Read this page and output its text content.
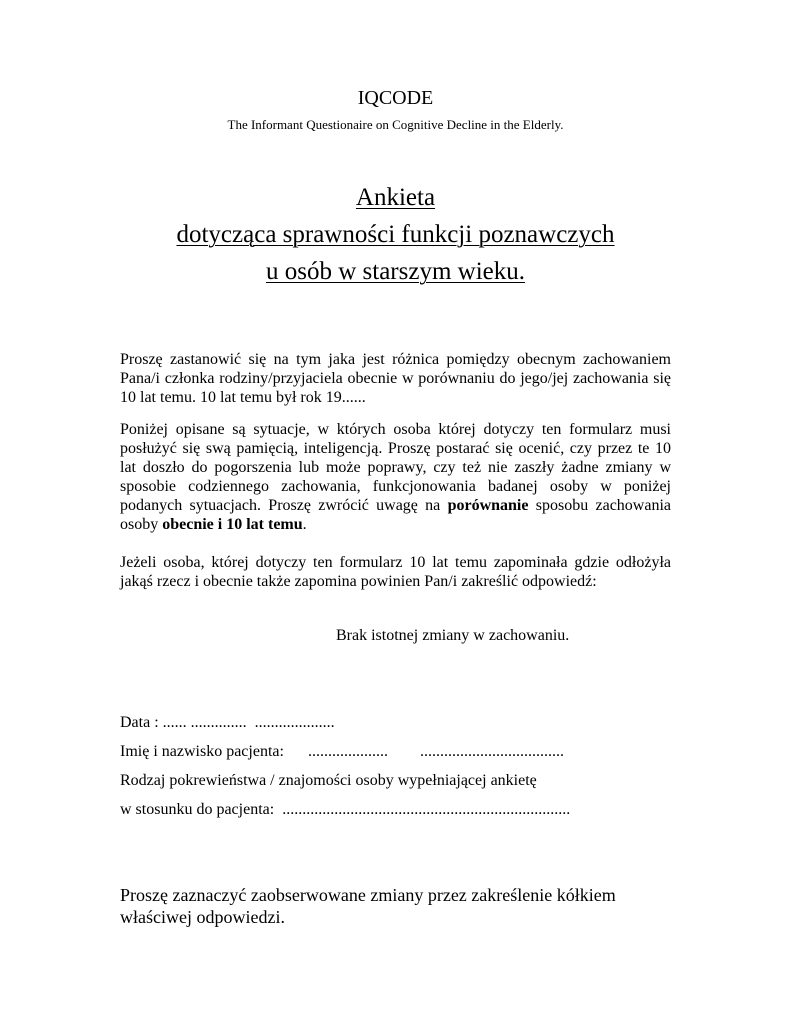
IQCODE
The Informant Questionaire on Cognitive Decline in the Elderly.
Ankieta
dotycząca sprawności funkcji poznawczych
u osób w starszym wieku.

Proszę zastanowić się na tym jaka jest różnica pomiędzy obecnym zachowaniem Pana/i członka rodziny/przyjaciela obecnie w porównaniu do jego/jej zachowania się 10 lat temu. 10 lat temu był rok 19......

Poniżej opisane są sytuacje, w których osoba której dotyczy ten formularz musi posłużyć się swą pamięcią, inteligencją. Proszę postarać się ocenić, czy przez te 10 lat doszło do pogorszenia lub może poprawy, czy też nie zaszły żadne zmiany w sposobie codziennego zachowania, funkcjonowania badanej osoby w poniżej podanych sytuacjach. Proszę zwrócić uwagę na porównanie sposobu zachowania osoby obecnie i 10 lat temu.

Jeżeli osoba, której dotyczy ten formularz 10 lat temu zapominała gdzie odłożyła jakąś rzecz i obecnie także zapomina powinien Pan/i zakreślić odpowiedź:

Brak istotnej zmiany w zachowaniu.
Data : ...... ..............  ....................
Imię i nazwisko pacjenta:      ....................        ....................................
Rodzaj pokrewieństwa / znajomości osoby wypełniającej ankietę
w stosunku do pacjenta:  ........................................................................

Proszę zaznaczyć zaobserwowane zmiany przez zakreślenie kółkiem właściwej odpowiedzi.
